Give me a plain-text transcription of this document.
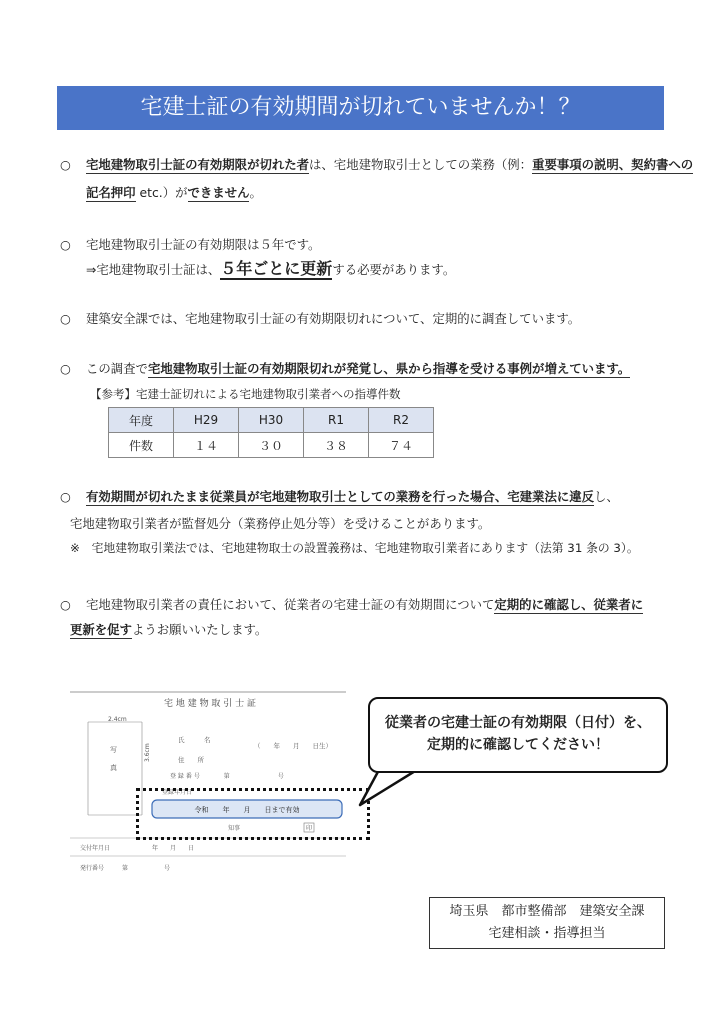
宅建士証の有効期間が切れていませんか！？
○ 宅地建物取引士証の有効期限が切れた者は、宅地建物取引士としての業務（例：重要事項の説明、契約書への
記名押印 etc.）ができません。
○ 宅地建物取引士証の有効期限は５年です。
⇒宅地建物取引士証は、５年ごとに更新する必要があります。
○ 建築安全課では、宅地建物取引士証の有効期限切れについて、定期的に調査しています。
○ この調査で宅地建物取引士証の有効期限切れが発覚し、県から指導を受ける事例が増えています。
【参考】宅建士証切れによる宅地建物取引業者への指導件数
年度	H29	H30	R1	R2
件数	１４	３０	３８	７４
○ 有効期間が切れたまま従業員が宅地建物取引士としての業務を行った場合、宅建業法に違反し、
宅地建物取引業者が監督処分（業務停止処分等）を受けることがあります。
※　宅地建物取引業法では、宅地建物取士の設置義務は、宅地建物取引業者にあります（法第 31 条の 3）。
○ 宅地建物取引業者の責任において、従業者の宅建士証の有効期間について定期的に確認し、従業者に
更新を促すようお願いいたします。
宅 地 建 物 取 引 士 証
2.4cm
3.6cm
写
真
氏　　　名
（　　年　　月　　日生）
住　　所
登 録 番 号　　　　第　　　　　　　　号
登録年月日
令和　　年　　月　　日まで有効
知事	印
交付年月日　　　　　　　年　　月　　日
発行番号　　　第　　　　　　号
従業者の宅建士証の有効期限（日付）を、
定期的に確認してください！
埼玉県　都市整備部　建築安全課
宅建相談・指導担当
